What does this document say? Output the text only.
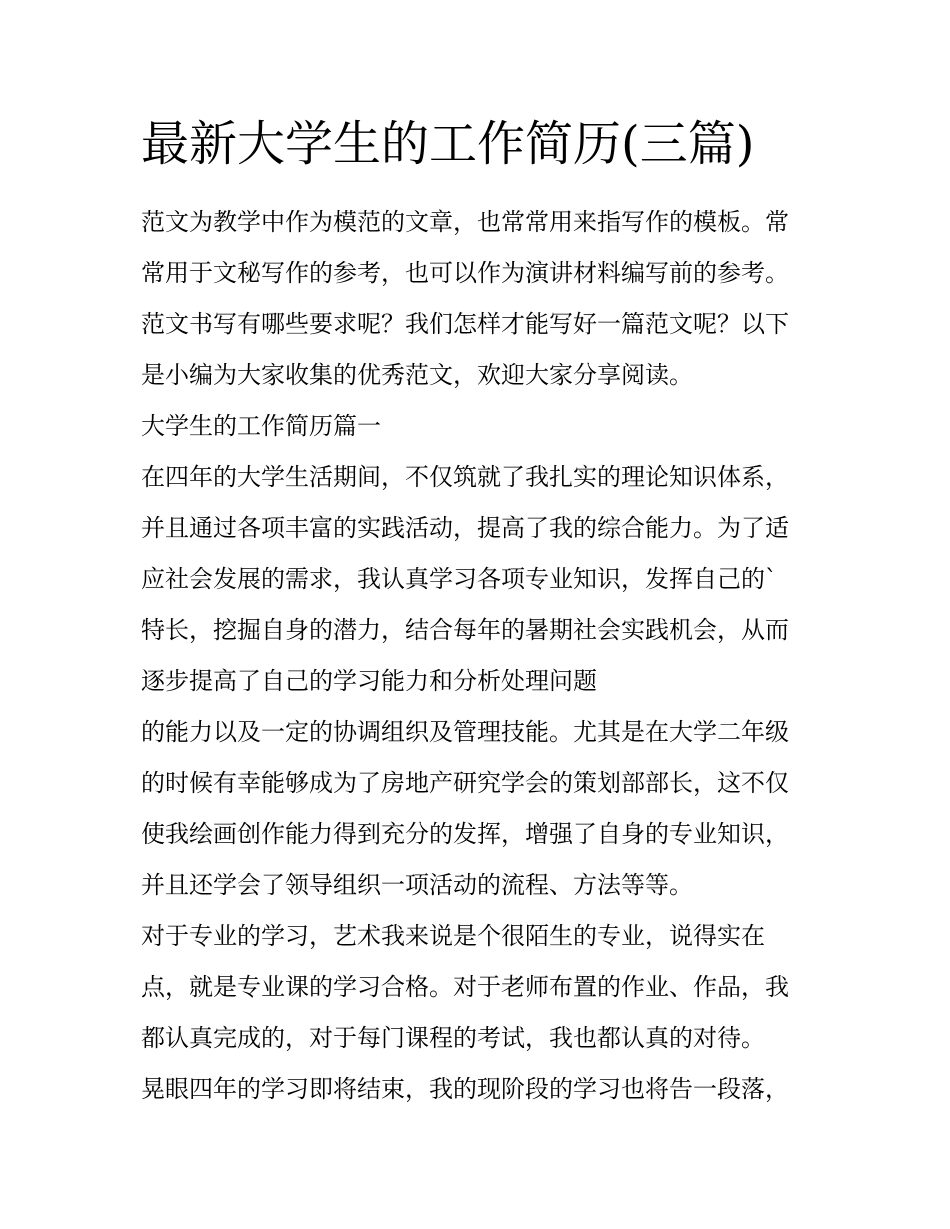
最新大学生的工作简历(三篇)

范文为教学中作为模范的文章，也常常用来指写作的模板。常

常用于文秘写作的参考，也可以作为演讲材料编写前的参考。

范文书写有哪些要求呢？我们怎样才能写好一篇范文呢？以下

是小编为大家收集的优秀范文，欢迎大家分享阅读。

大学生的工作简历篇一

在四年的大学生活期间，不仅筑就了我扎实的理论知识体系，

并且通过各项丰富的实践活动，提高了我的综合能力。为了适

应社会发展的需求，我认真学习各项专业知识，发挥自己的`

特长，挖掘自身的潜力，结合每年的暑期社会实践机会，从而

逐步提高了自己的学习能力和分析处理问题

的能力以及一定的协调组织及管理技能。尤其是在大学二年级

的时候有幸能够成为了房地产研究学会的策划部部长，这不仅

使我绘画创作能力得到充分的发挥，增强了自身的专业知识，

并且还学会了领导组织一项活动的流程、方法等等。

对于专业的学习，艺术我来说是个很陌生的专业，说得实在

点，就是专业课的学习合格。对于老师布置的作业、作品，我

都认真完成的，对于每门课程的考试，我也都认真的对待。

晃眼四年的学习即将结束，我的现阶段的学习也将告一段落，
